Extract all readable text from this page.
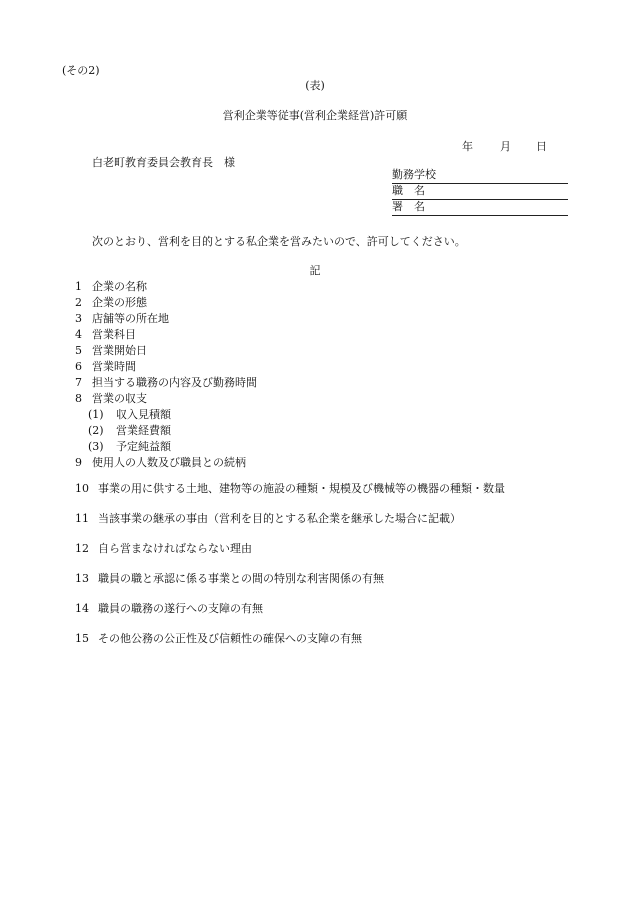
(その2)
(表)
営利企業等従事(営利企業経営)許可願
年 月 日
白老町教育委員会教育長　様
勤務学校
職　名
署　名
次のとおり、営利を目的とする私企業を営みたいので、許可してください。
記
1 企業の名称
2 企業の形態
3 店舗等の所在地
4 営業科目
5 営業開始日
6 営業時間
7 担当する職務の内容及び勤務時間
8 営業の収支
(1) 収入見積額
(2) 営業経費額
(3) 予定純益額
9 使用人の人数及び職員との続柄
10 事業の用に供する土地、建物等の施設の種類・規模及び機械等の機器の種類・数量
11 当該事業の継承の事由（営利を目的とする私企業を継承した場合に記載）
12 自ら営まなければならない理由
13 職員の職と承認に係る事業との間の特別な利害関係の有無
14 職員の職務の遂行への支障の有無
15 その他公務の公正性及び信頼性の確保への支障の有無
